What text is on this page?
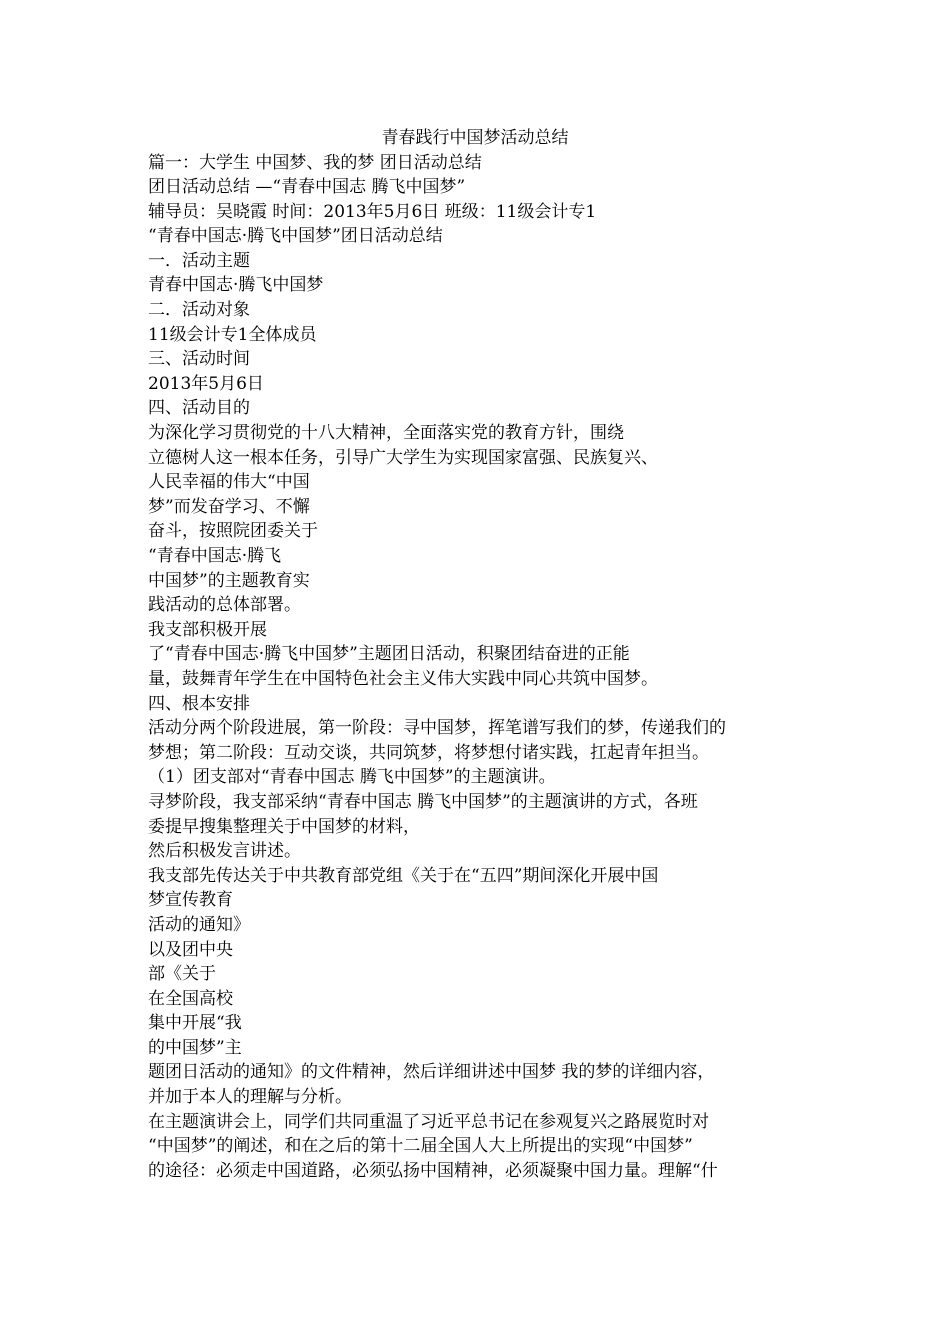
青春践行中国梦活动总结
篇一：大学生 中国梦、我的梦 团日活动总结
团日活动总结 —“青春中国志 腾飞中国梦”
辅导员：吴晓霞 时间：2013年5月6日 班级：11级会计专1
“青春中国志·腾飞中国梦”团日活动总结
一．活动主题
青春中国志·腾飞中国梦
二．活动对象
11级会计专1全体成员
三、活动时间
2013年5月6日
四、活动目的
为深化学习贯彻党的十八大精神，全面落实党的教育方针，围绕
立德树人这一根本任务，引导广大学生为实现国家富强、民族复兴、
人民幸福的伟大“中国
梦”而发奋学习、不懈
奋斗，按照院团委关于
“青春中国志·腾飞
中国梦”的主题教育实
践活动的总体部署。
我支部积极开展
了“青春中国志·腾飞中国梦”主题团日活动，积聚团结奋进的正能
量，鼓舞青年学生在中国特色社会主义伟大实践中同心共筑中国梦。
四、根本安排
活动分两个阶段进展，第一阶段：寻中国梦，挥笔谱写我们的梦，传递我们的
梦想；第二阶段：互动交谈，共同筑梦，将梦想付诸实践，扛起青年担当。
（1）团支部对“青春中国志 腾飞中国梦”的主题演讲。
寻梦阶段，我支部采纳“青春中国志 腾飞中国梦”的主题演讲的方式，各班
委提早搜集整理关于中国梦的材料，
然后积极发言讲述。
我支部先传达关于中共教育部党组《关于在“五四”期间深化开展中国
梦宣传教育
活动的通知》
以及团中央
部《关于
在全国高校
集中开展“我
的中国梦”主
题团日活动的通知》的文件精神，然后详细讲述中国梦 我的梦的详细内容，
并加于本人的理解与分析。
在主题演讲会上，同学们共同重温了习近平总书记在参观复兴之路展览时对
“中国梦”的阐述，和在之后的第十二届全国人大上所提出的实现“中国梦”
的途径：必须走中国道路，必须弘扬中国精神，必须凝聚中国力量。理解“什
